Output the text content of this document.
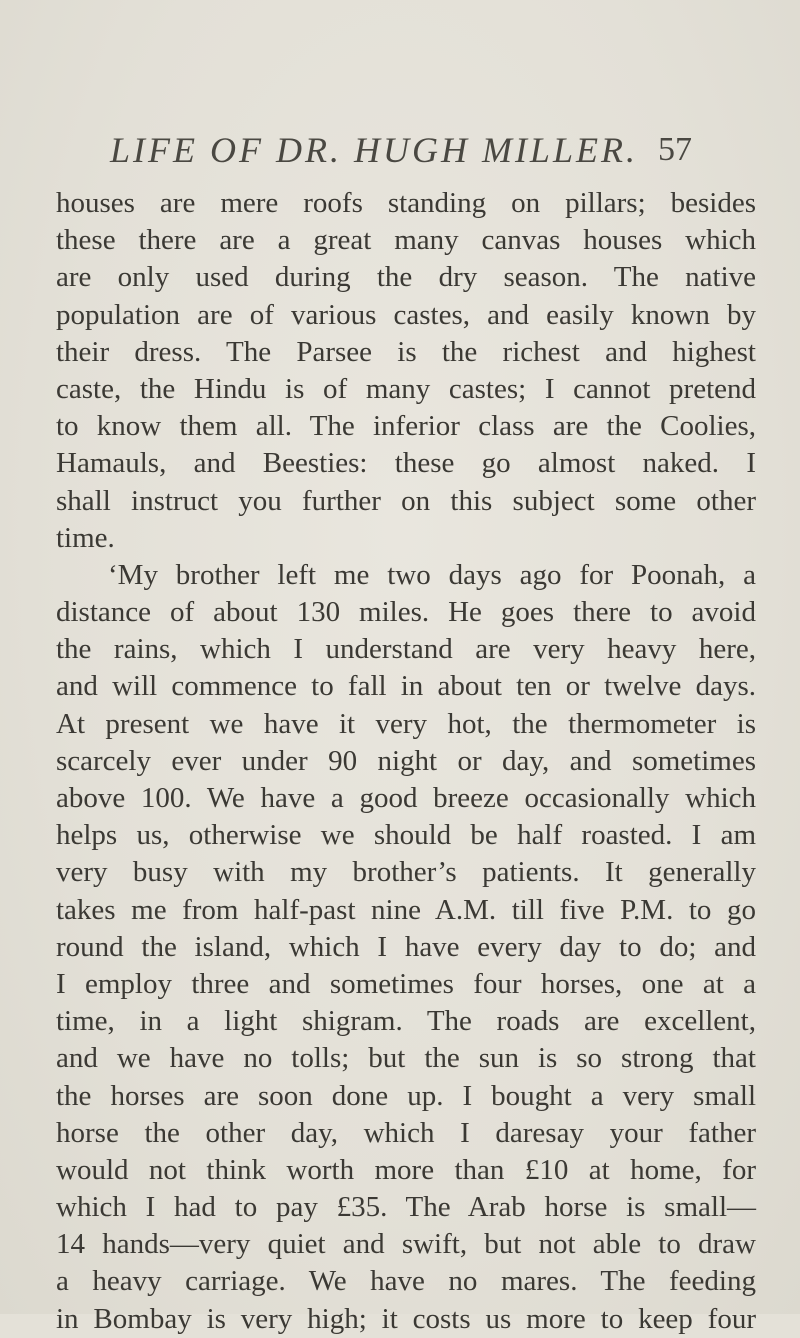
LIFE OF DR. HUGH MILLER. 57
houses are mere roofs standing on pillars; besides
these there are a great many canvas houses which
are only used during the dry season. The native
population are of various castes, and easily known by
their dress. The Parsee is the richest and highest
caste, the Hindu is of many castes; I cannot pretend
to know them all. The inferior class are the Coolies,
Hamauls, and Beesties: these go almost naked. I
shall instruct you further on this subject some other
time.
‘My brother left me two days ago for Poonah, a
distance of about 130 miles. He goes there to avoid
the rains, which I understand are very heavy here,
and will commence to fall in about ten or twelve days.
At present we have it very hot, the thermometer is
scarcely ever under 90 night or day, and sometimes
above 100. We have a good breeze occasionally which
helps us, otherwise we should be half roasted. I am
very busy with my brother’s patients. It generally
takes me from half-past nine A.M. till five P.M. to go
round the island, which I have every day to do; and
I employ three and sometimes four horses, one at a
time, in a light shigram. The roads are excellent,
and we have no tolls; but the sun is so strong that
the horses are soon done up. I bought a very small
horse the other day, which I daresay your father
would not think worth more than £10 at home, for
which I had to pay £35. The Arab horse is small—
14 hands—very quiet and swift, but not able to draw
a heavy carriage. We have no mares. The feeding
in Bombay is very high; it costs us more to keep four
